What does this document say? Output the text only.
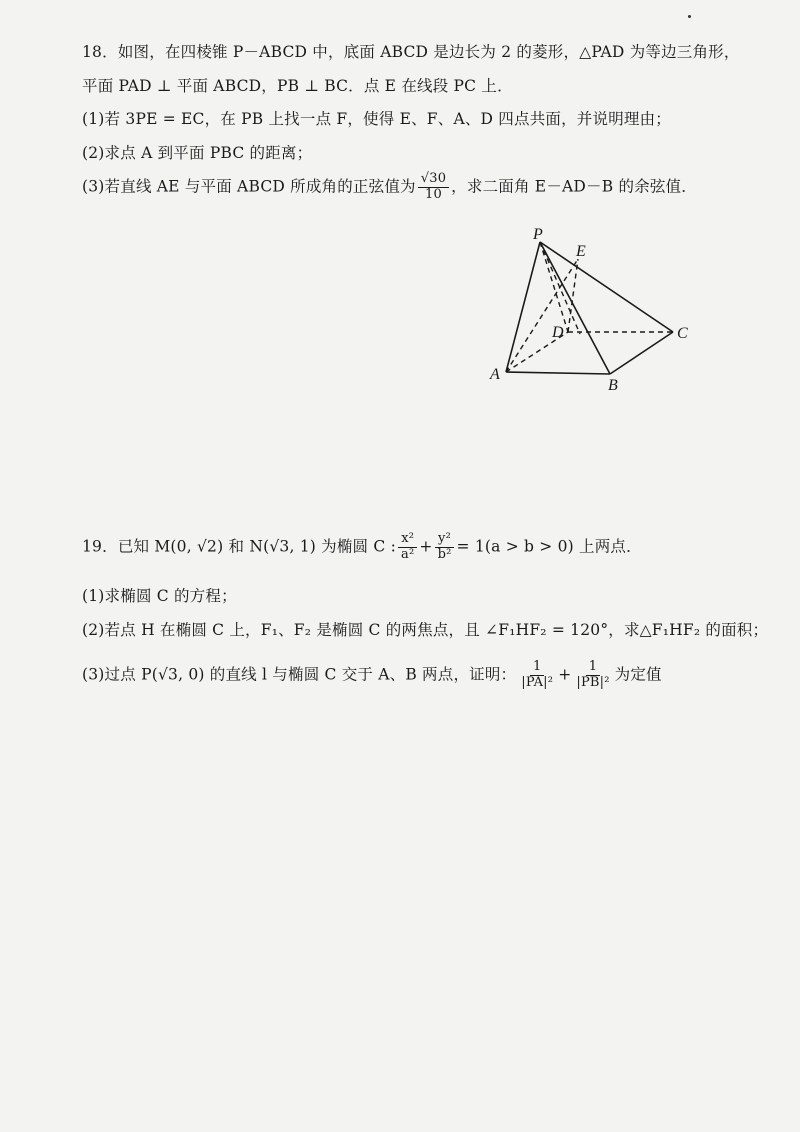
18．如图，在四棱锥 P－ABCD 中，底面 ABCD 是边长为 2 的菱形，△PAD 为等边三角形，
平面 PAD ⊥ 平面 ABCD，PB ⊥ BC．点 E 在线段 PC 上．
(1)若 3PE = EC，在 PB 上找一点 F，使得 E、F、A、D 四点共面，并说明理由；
(2)求点 A 到平面 PBC 的距离；
(3)若直线 AE 与平面 ABCD 所成角的正弦值为 $\frac{√30}{10}$ ，求二面角 E－AD－B 的余弦值．
P
E
D	C
A
B
19．已知 M(0, √2) 和 N(√3, 1) 为椭圆 C : $\frac{\text{x²}}{\text{a²}} + \frac{\text{y²}}{\text{b²}} = 1(a > b > 0)$ 上两点．
(1)求椭圆 C 的方程；
(2)若点 H 在椭圆 C 上，F₁、F₂ 是椭圆 C 的两焦点，且 ∠F₁HF₂ = 120°，求△F₁HF₂ 的面积；
(3)过点 P(√3, 0) 的直线 l 与椭圆 C 交于 A、B 两点，证明： $\frac{1}{\text{|PA|²}} + \frac{1}{\text{|PB|²}}$ 为定值
